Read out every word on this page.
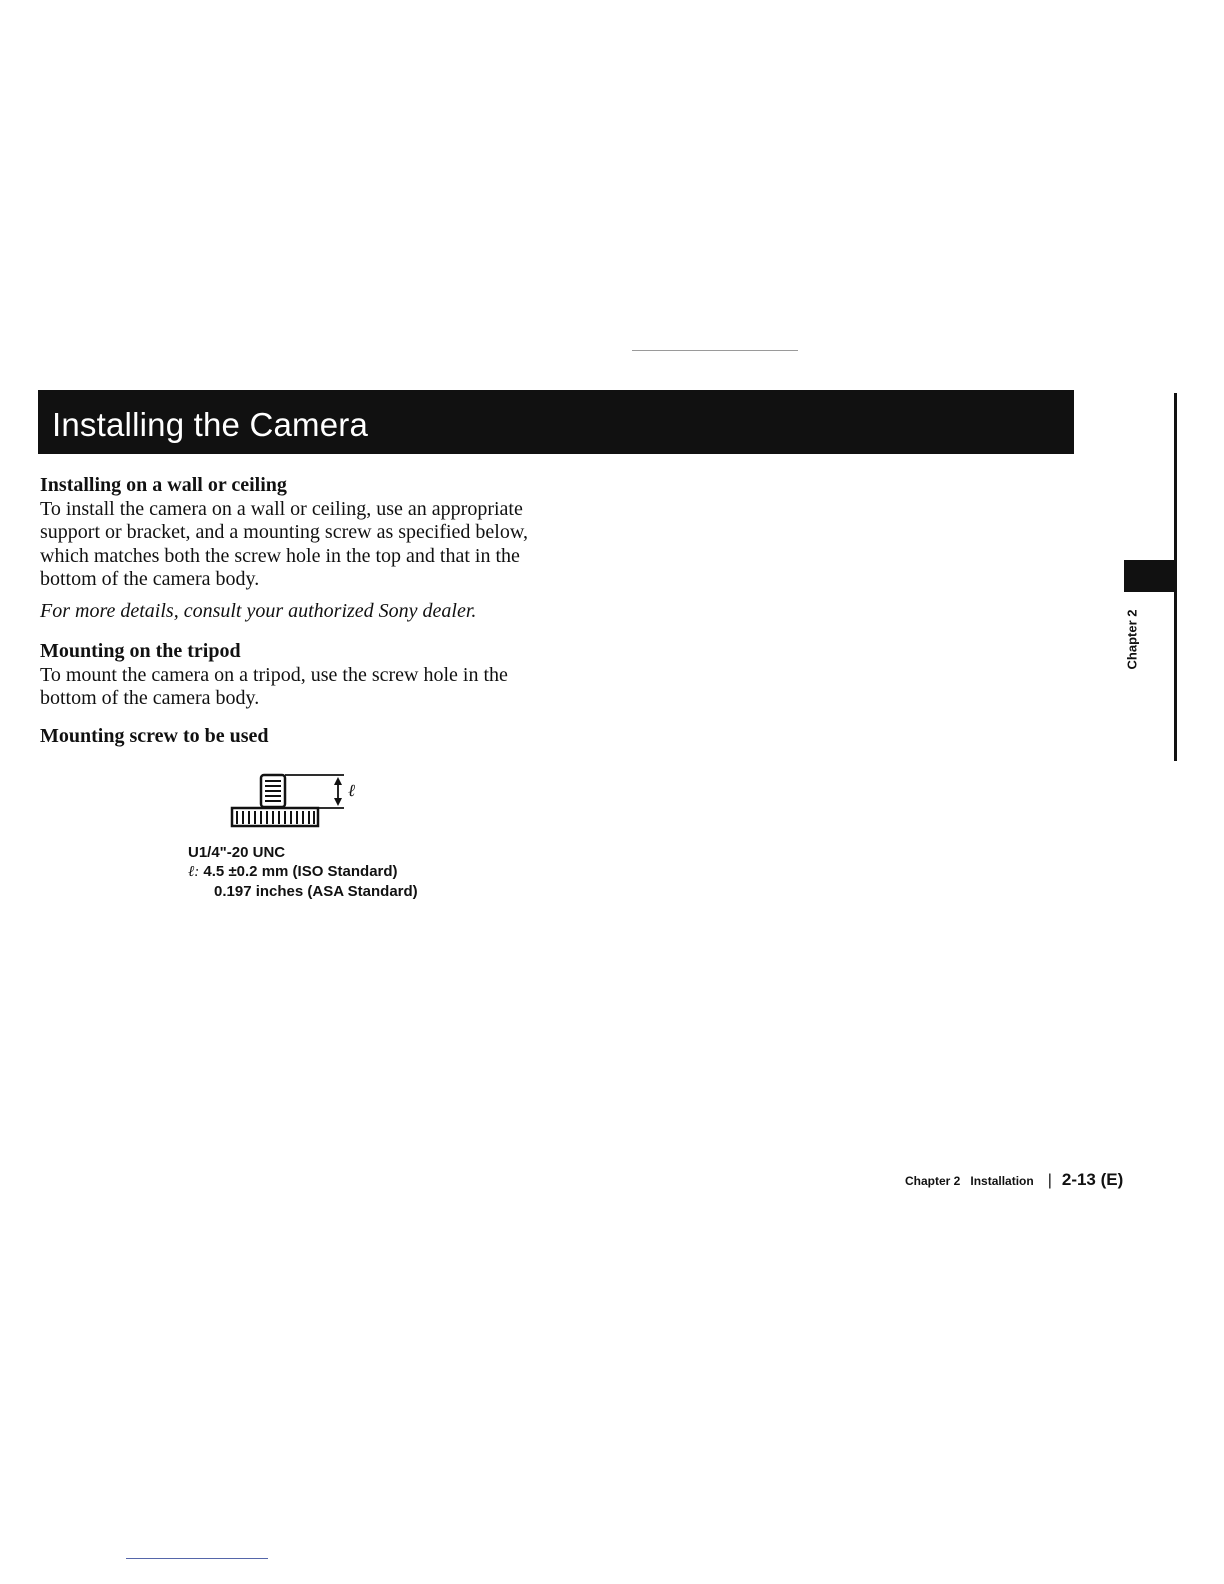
Installing the Camera

Installing on a wall or ceiling

To install the camera on a wall or ceiling, use an appropriate support or bracket, and a mounting screw as specified below, which matches both the screw hole in the top and that in the bottom of the camera body.

For more details, consult your authorized Sony dealer.

Mounting on the tripod

To mount the camera on a tripod, use the screw hole in the bottom of the camera body.

Mounting screw to be used

ℓ
U1/4"-20 UNC
ℓ: 4.5 ±0.2 mm (ISO Standard)
0.197 inches (ASA Standard)
Chapter 2
Chapter 2 Installation | 2-13 (E)
